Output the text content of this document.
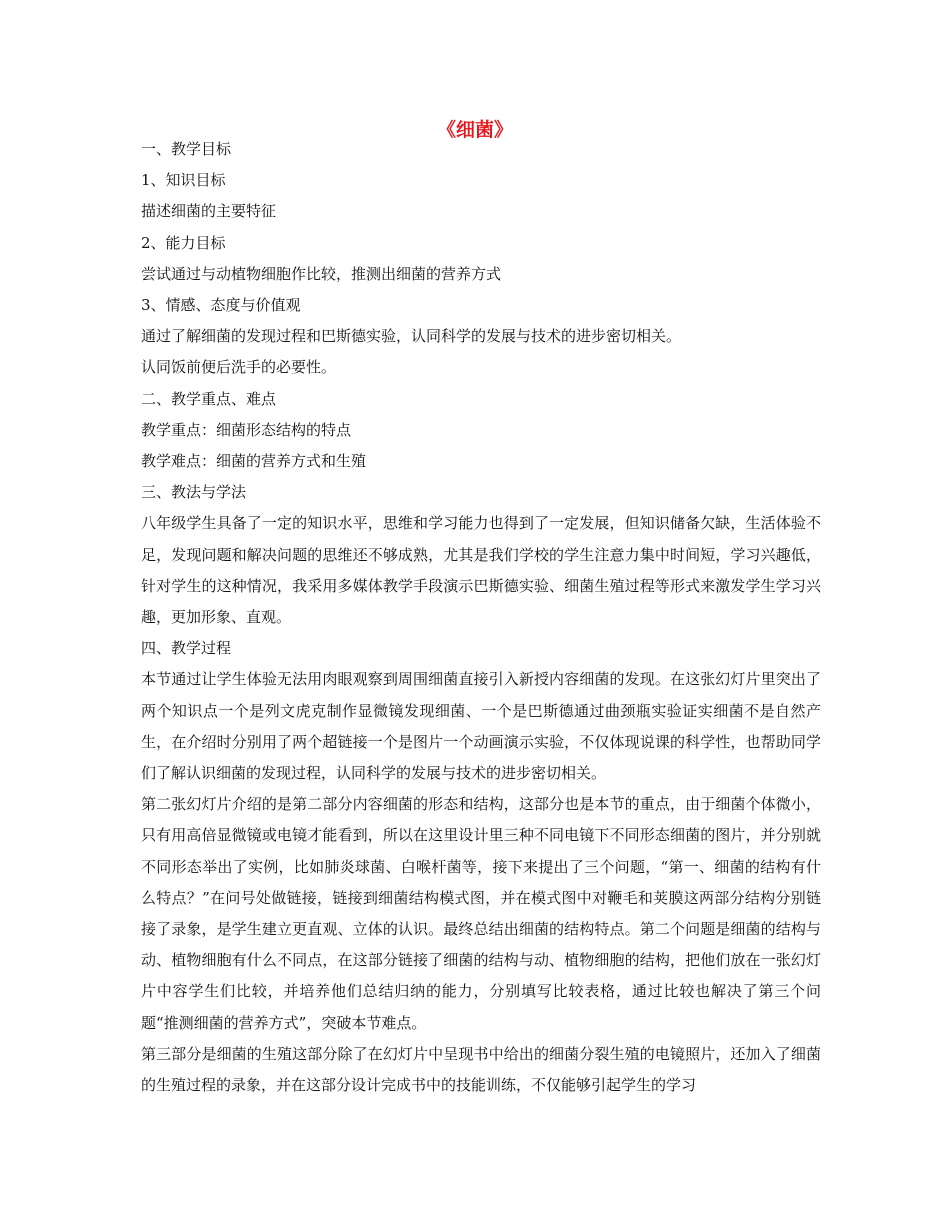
《细菌》

一、教学目标

1、知识目标

描述细菌的主要特征

2、能力目标

尝试通过与动植物细胞作比较，推测出细菌的营养方式

3、情感、态度与价值观

通过了解细菌的发现过程和巴斯德实验，认同科学的发展与技术的进步密切相关。

认同饭前便后洗手的必要性。

二、教学重点、难点

教学重点：细菌形态结构的特点

教学难点：细菌的营养方式和生殖

三、教法与学法

八年级学生具备了一定的知识水平，思维和学习能力也得到了一定发展，但知识储备欠缺，生活体验不足，发现问题和解决问题的思维还不够成熟，尤其是我们学校的学生注意力集中时间短，学习兴趣低，针对学生的这种情况，我采用多媒体教学手段演示巴斯德实验、细菌生殖过程等形式来激发学生学习兴趣，更加形象、直观。

四、教学过程

本节通过让学生体验无法用肉眼观察到周围细菌直接引入新授内容细菌的发现。在这张幻灯片里突出了两个知识点一个是列文虎克制作显微镜发现细菌、一个是巴斯德通过曲颈瓶实验证实细菌不是自然产生，在介绍时分别用了两个超链接一个是图片一个动画演示实验，不仅体现说课的科学性，也帮助同学们了解认识细菌的发现过程，认同科学的发展与技术的进步密切相关。

第二张幻灯片介绍的是第二部分内容细菌的形态和结构，这部分也是本节的重点，由于细菌个体微小，只有用高倍显微镜或电镜才能看到，所以在这里设计里三种不同电镜下不同形态细菌的图片，并分别就不同形态举出了实例，比如肺炎球菌、白喉杆菌等，接下来提出了三个问题，“第一、细菌的结构有什么特点？”在问号处做链接，链接到细菌结构模式图，并在模式图中对鞭毛和荚膜这两部分结构分别链接了录象，是学生建立更直观、立体的认识。最终总结出细菌的结构特点。第二个问题是细菌的结构与动、植物细胞有什么不同点，在这部分链接了细菌的结构与动、植物细胞的结构，把他们放在一张幻灯片中容学生们比较，并培养他们总结归纳的能力，分别填写比较表格，通过比较也解决了第三个问题“推测细菌的营养方式”，突破本节难点。

第三部分是细菌的生殖这部分除了在幻灯片中呈现书中给出的细菌分裂生殖的电镜照片，还加入了细菌的生殖过程的录象，并在这部分设计完成书中的技能训练，不仅能够引起学生的学习
